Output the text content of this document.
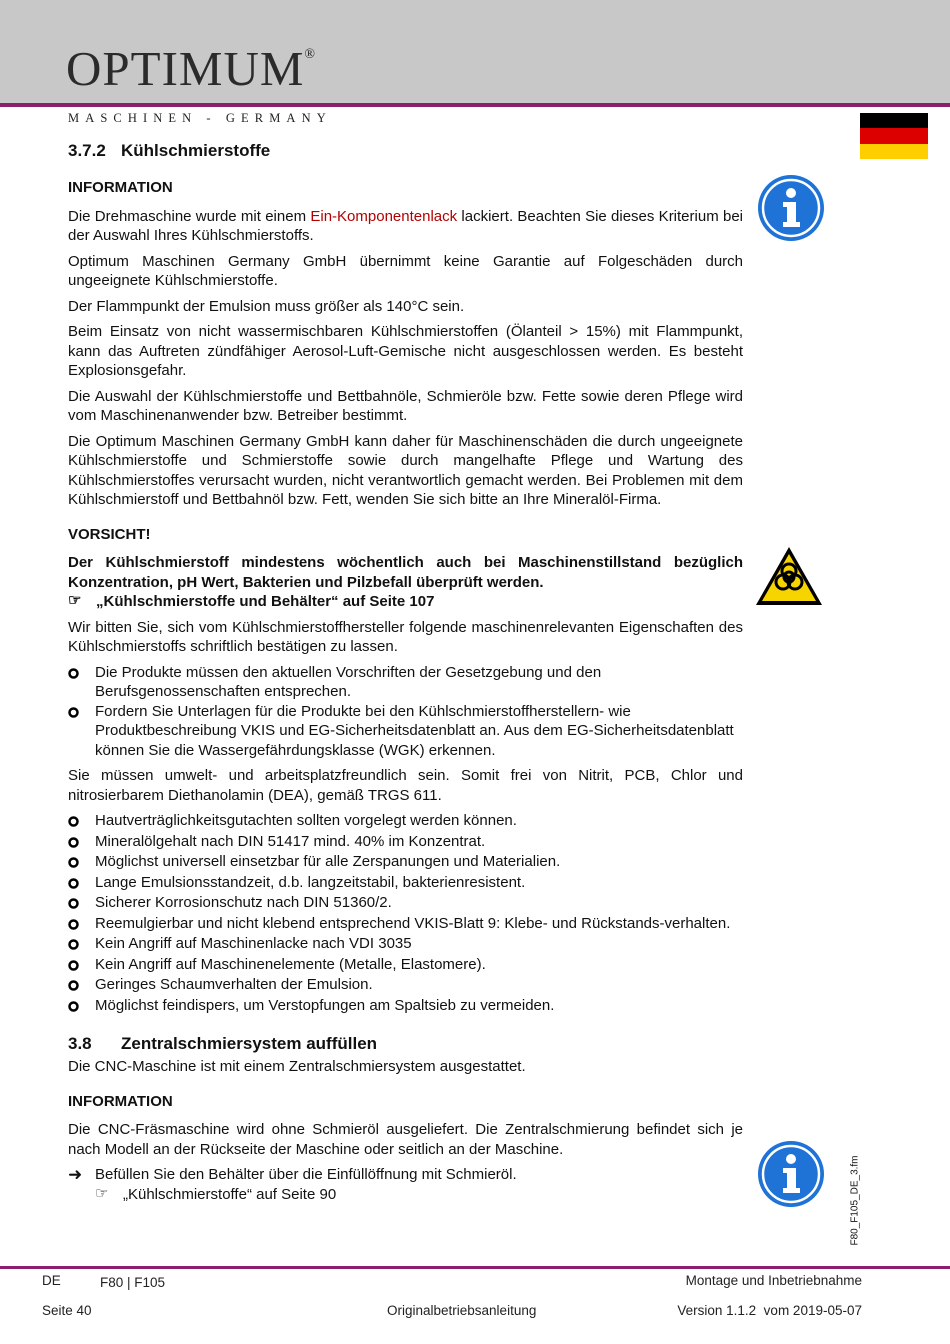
OPTIMUM®
MASCHINEN - GERMANY
F80_F105_DE_3.fm
3.7.2 Kühlschmierstoffe

INFORMATION

Die Drehmaschine wurde mit einem Ein-Komponentenlack lackiert. Beachten Sie dieses Kriterium bei der Auswahl Ihres Kühlschmierstoffs.

Optimum Maschinen Germany GmbH übernimmt keine Garantie auf Folgeschäden durch ungeeignete Kühlschmierstoffe.

Der Flammpunkt der Emulsion muss größer als 140°C sein.

Beim Einsatz von nicht wassermischbaren Kühlschmierstoffen (Ölanteil > 15%) mit Flammpunkt, kann das Auftreten zündfähiger Aerosol-Luft-Gemische nicht ausgeschlossen werden. Es besteht Explosionsgefahr.

Die Auswahl der Kühlschmierstoffe und Bettbahnöle, Schmieröle bzw. Fette sowie deren Pflege wird vom Maschinenanwender bzw. Betreiber bestimmt.

Die Optimum Maschinen Germany GmbH kann daher für Maschinenschäden die durch ungeeignete Kühlschmierstoffe und Schmierstoffe sowie durch mangelhafte Pflege und Wartung des Kühlschmierstoffes verursacht wurden, nicht verantwortlich gemacht werden. Bei Problemen mit dem Kühlschmierstoff und Bettbahnöl bzw. Fett, wenden Sie sich bitte an Ihre Mineralöl-Firma.

VORSICHT!

Der Kühlschmierstoff mindestens wöchentlich auch bei Maschinenstillstand bezüglich Konzentration, pH Wert, Bakterien und Pilzbefall überprüft werden.

☞ „Kühlschmierstoffe und Behälter“ auf Seite 107

Wir bitten Sie, sich vom Kühlschmierstoffhersteller folgende maschinenrelevanten Eigenschaften des Kühlschmierstoffs schriftlich bestätigen zu lassen.

Die Produkte müssen den aktuellen Vorschriften der Gesetzgebung und den Berufsgenossenschaften entsprechen.
Fordern Sie Unterlagen für die Produkte bei den Kühlschmierstoffherstellern- wie Produktbeschreibung VKIS und EG-Sicherheitsdatenblatt an. Aus dem EG-Sicherheitsdatenblatt können Sie die Wassergefährdungsklasse (WGK) erkennen.

Sie müssen umwelt- und arbeitsplatzfreundlich sein. Somit frei von Nitrit, PCB, Chlor und nitrosierbarem Diethanolamin (DEA), gemäß TRGS 611.

Hautverträglichkeitsgutachten sollten vorgelegt werden können.
Mineralölgehalt nach DIN 51417 mind. 40% im Konzentrat.
Möglichst universell einsetzbar für alle Zerspanungen und Materialien.
Lange Emulsionsstandzeit, d.b. langzeitstabil, bakterienresistent.
Sicherer Korrosionschutz nach DIN 51360/2.
Reemulgierbar und nicht klebend entsprechend VKIS-Blatt 9: Klebe- und Rückstands-verhalten.
Kein Angriff auf Maschinenlacke nach VDI 3035
Kein Angriff auf Maschinenelemente (Metalle, Elastomere).
Geringes Schaumverhalten der Emulsion.
Möglichst feindispers, um Verstopfungen am Spaltsieb zu vermeiden.
3.8 Zentralschmiersystem auffüllen

Die CNC-Maschine ist mit einem Zentralschmiersystem ausgestattet.

INFORMATION

Die CNC-Fräsmaschine wird ohne Schmieröl ausgeliefert. Die Zentralschmierung befindet sich je nach Modell an der Rückseite der Maschine oder seitlich an der Maschine.

➜ Befüllen Sie den Behälter über die Einfüllöffnung mit Schmieröl.
☞ „Kühlschmierstoffe“ auf Seite 90
DE	F80 | F105	Montage und Inbetriebnahme
Seite 40	Originalbetriebsanleitung	Version 1.1.2  vom 2019-05-07
